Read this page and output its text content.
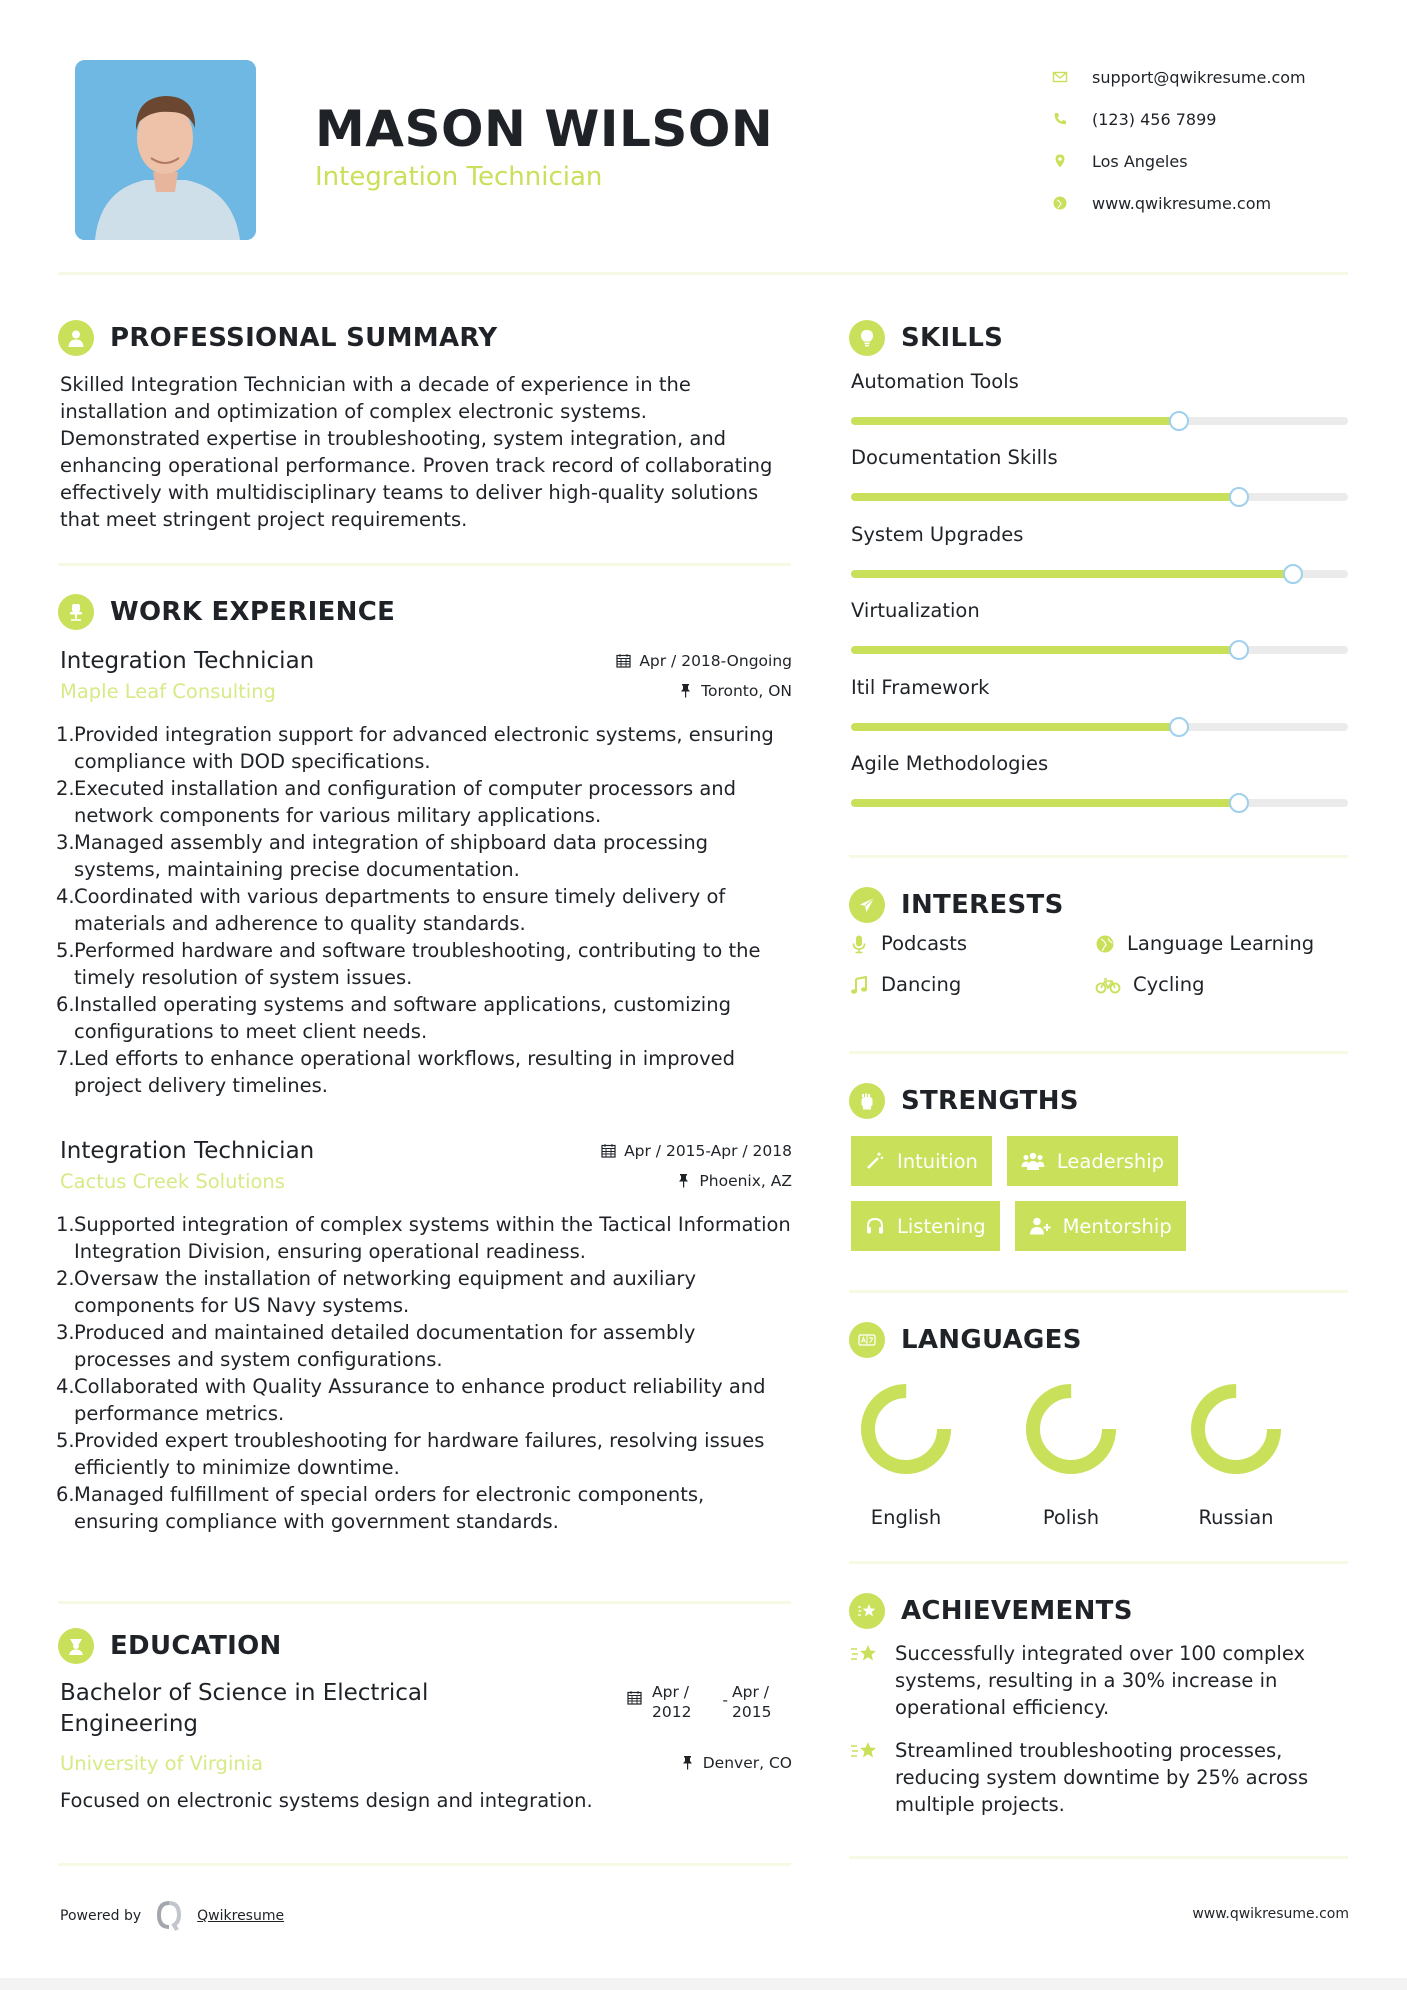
MASON WILSON
Integration Technician
support@qwikresume.com
(123) 456 7899
Los Angeles
www.qwikresume.com
PROFESSIONAL SUMMARY
Skilled Integration Technician with a decade of experience in the installation and optimization of complex electronic systems. Demonstrated expertise in troubleshooting, system integration, and enhancing operational performance. Proven track record of collaborating effectively with multidisciplinary teams to deliver high-quality solutions that meet stringent project requirements.
WORK EXPERIENCE
Integration Technician	Apr / 2018-Ongoing
Maple Leaf Consulting	Toronto, ON
1. Provided integration support for advanced electronic systems, ensuring compliance with DOD specifications.
2. Executed installation and configuration of computer processors and network components for various military applications.
3. Managed assembly and integration of shipboard data processing systems, maintaining precise documentation.
4. Coordinated with various departments to ensure timely delivery of materials and adherence to quality standards.
5. Performed hardware and software troubleshooting, contributing to the timely resolution of system issues.
6. Installed operating systems and software applications, customizing configurations to meet client needs.
7. Led efforts to enhance operational workflows, resulting in improved project delivery timelines.
Integration Technician	Apr / 2015-Apr / 2018
Cactus Creek Solutions	Phoenix, AZ
1. Supported integration of complex systems within the Tactical Information Integration Division, ensuring operational readiness.
2. Oversaw the installation of networking equipment and auxiliary components for US Navy systems.
3. Produced and maintained detailed documentation for assembly processes and system configurations.
4. Collaborated with Quality Assurance to enhance product reliability and performance metrics.
5. Provided expert troubleshooting for hardware failures, resolving issues efficiently to minimize downtime.
6. Managed fulfillment of special orders for electronic components, ensuring compliance with government standards.
EDUCATION
Bachelor of Science in Electrical Engineering
Apr / 2012
- Apr / 2015
University of Virginia	Denver, CO
Focused on electronic systems design and integration.
SKILLS
Automation Tools
Documentation Skills
System Upgrades
Virtualization
Itil Framework
Agile Methodologies
INTERESTS
Podcasts	Language Learning
Dancing	Cycling
STRENGTHS
Intuition	Leadership
Listening	Mentorship
LANGUAGES
English	Polish	Russian
ACHIEVEMENTS
Successfully integrated over 100 complex systems, resulting in a 30% increase in operational efficiency.
Streamlined troubleshooting processes, reducing system downtime by 25% across multiple projects.
Powered by	Qwikresume	www.qwikresume.com
